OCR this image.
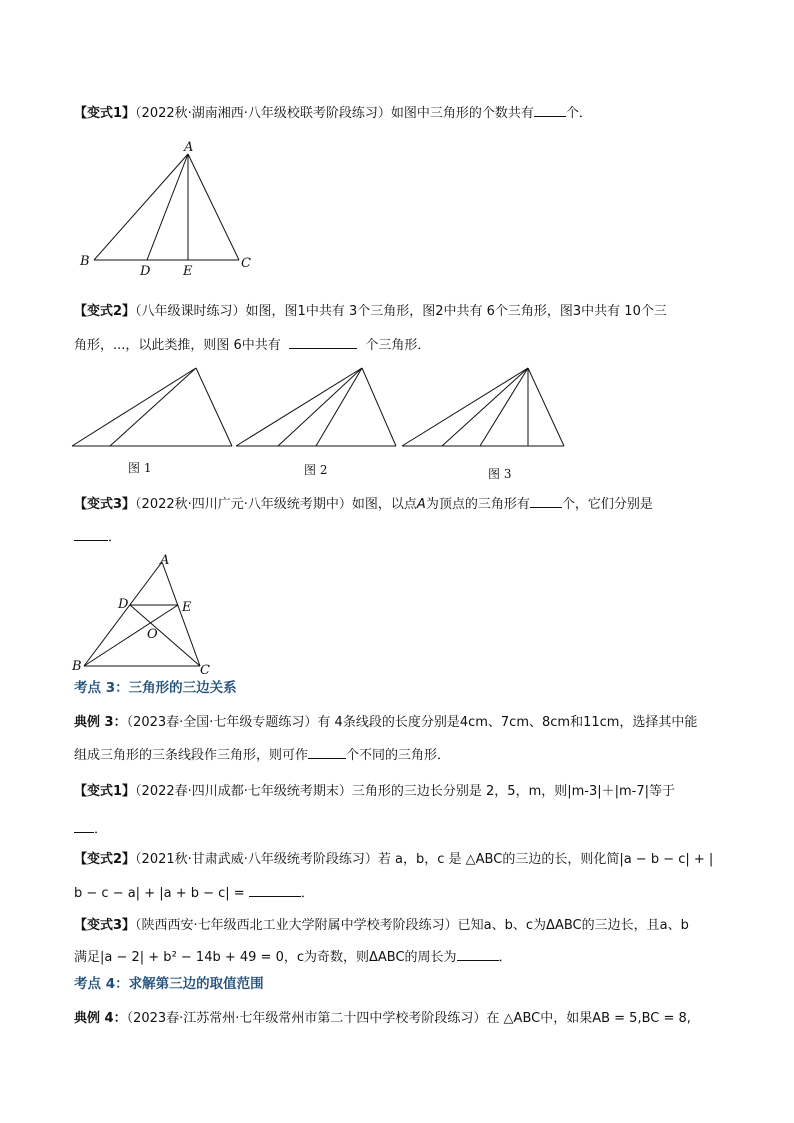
【变式1】（2022秋·湖南湘西·八年级校联考阶段练习）如图中三角形的个数共有 个．
A
B
D	E
C
【变式2】（八年级课时练习）如图，图1中共有 3个三角形，图2中共有 6个三角形，图3中共有 10个三
角形，...，以此类推，则图 6中共有	个三角形．
图 1	图 2	图 3
【变式3】（2022秋·四川广元·八年级统考期中）如图，以点A为顶点的三角形有 个，它们分别是
．
A
D	E
O
B	C
考点 3：三角形的三边关系
典例 3：（2023春·全国·七年级专题练习）有 4条线段的长度分别是4cm、7cm、8cm和11cm，选择其中能
组成三角形的三条线段作三角形，则可作	个不同的三角形．
【变式1】（2022春·四川成都·七年级统考期末）三角形的三边长分别是 2，5，m，则|m-3|＋|m-7|等于
．
【变式2】（2021秋·甘肃武威·八年级统考阶段练习）若 a，b，c 是 △ABC的三边的长，则化简|a − b − c| + |
b − c − a| + |a + b − c| =	．
【变式3】（陕西西安·七年级西北工业大学附属中学校考阶段练习）已知a、b、c为ΔABC的三边长，且a、b
满足|a − 2| + b² − 14b + 49 = 0，c为奇数，则ΔABC的周长为	．
考点 4：求解第三边的取值范围
典例 4：（2023春·江苏常州·七年级常州市第二十四中学校考阶段练习）在 △ABC中，如果AB = 5,BC = 8,
